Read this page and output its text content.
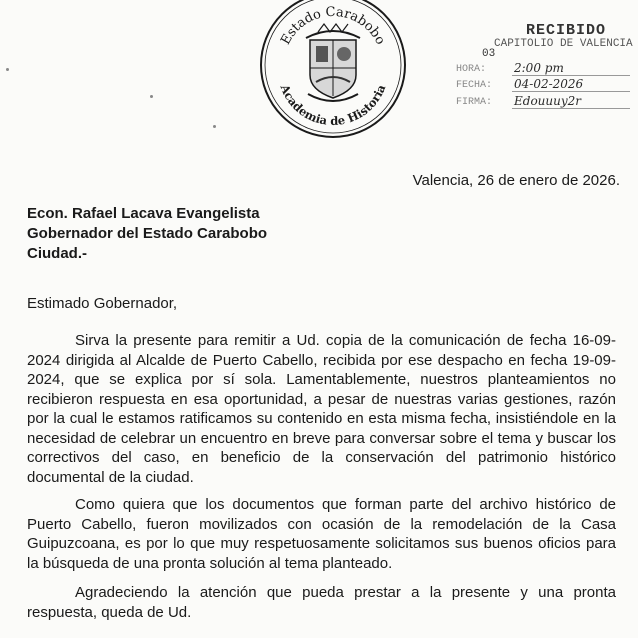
Estado Carabobo
Academia de Historia
RECIBIDO
CAPITOLIO DE VALENCIA
03
HORA: 2:00 pm
FECHA: 04-02-2026
FIRMA: Edouuuy2r
Valencia, 26 de enero de 2026.
Econ. Rafael Lacava Evangelista
Gobernador del Estado Carabobo
Ciudad.-
Estimado Gobernador,

Sirva la presente para remitir a Ud. copia de la comunicación de fecha 16-09-2024 dirigida al Alcalde de Puerto Cabello, recibida por ese despacho en fecha 19-09-2024, que se explica por sí sola. Lamentablemente, nuestros planteamientos no recibieron respuesta en esa oportunidad, a pesar de nuestras varias gestiones, razón por la cual le estamos ratificamos su contenido en esta misma fecha, insistiéndole en la necesidad de celebrar un encuentro en breve para conversar sobre el tema y buscar los correctivos del caso, en beneficio de la conservación del patrimonio histórico documental de la ciudad.

Como quiera que los documentos que forman parte del archivo histórico de Puerto Cabello, fueron movilizados con ocasión de la remodelación de la Casa Guipuzcoana, es por lo que muy respetuosamente solicitamos sus buenos oficios para la búsqueda de una pronta solución al tema planteado.

Agradeciendo la atención que pueda prestar a la presente y una pronta respuesta, queda de Ud.
